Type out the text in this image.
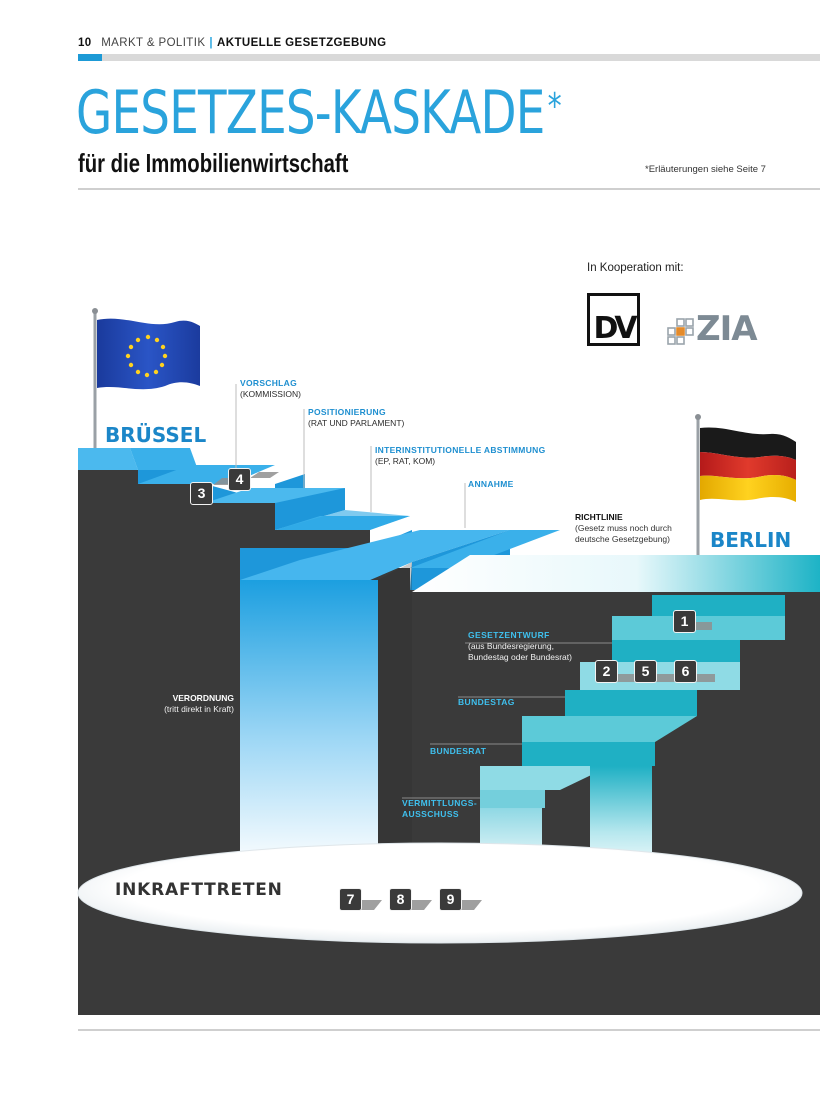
10 MARKT & POLITIK | AKTUELLE GESETZGEBUNG
GESETZES-KASKADE*
für die Immobilienwirtschaft	*Erläuterungen siehe Seite 7
In Kooperation mit:
DV ZIA
BRÜSSEL
BERLIN
VORSCHLAG
(KOMMISSION)
POSITIONIERUNG
(RAT UND PARLAMENT)
INTERINSTITUTIONELLE ABSTIMMUNG
(EP, RAT, KOM)
ANNAHME
RICHTLINIE
(Gesetz muss noch durch
deutsche Gesetzgebung)
VERORDNUNG
(tritt direkt in Kraft)
GESETZENTWURF
(aus Bundesregierung,
Bundestag oder Bundesrat)
BUNDESTAG
BUNDESRAT
VERMITTLUNGS-
AUSSCHUSS
INKRAFTTRETEN
3
4
1
2	5	6
7	8	9
